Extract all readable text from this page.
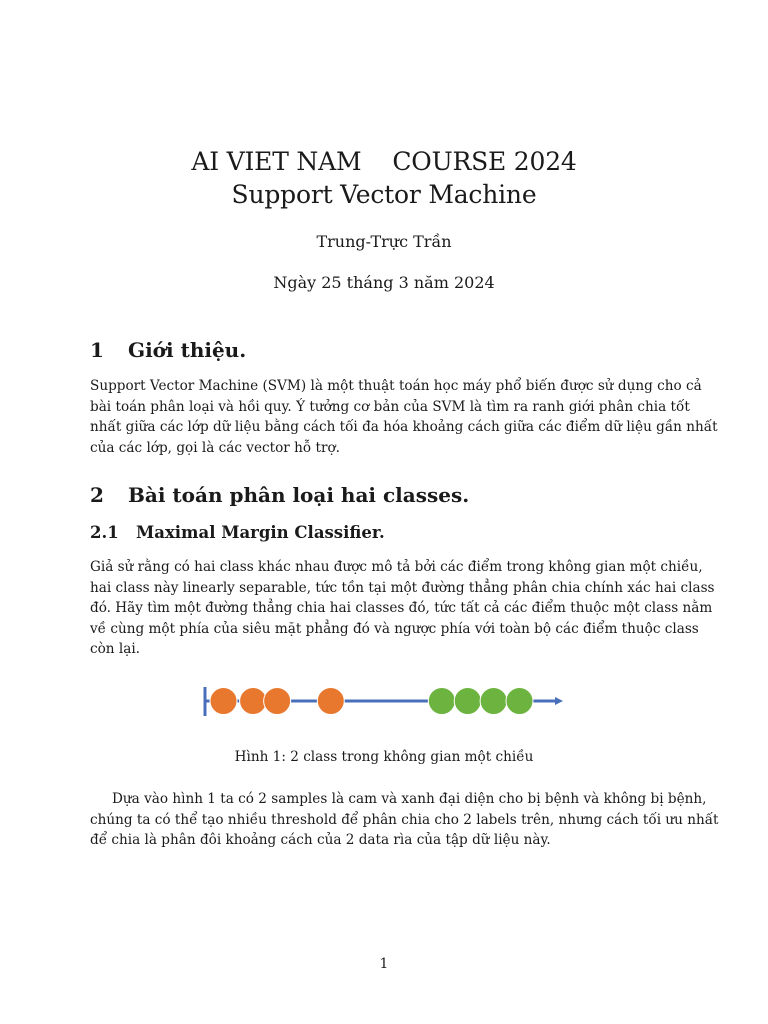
AI VIET NAM    COURSE 2024
Support Vector Machine
Trung-Trực Trần
Ngày 25 tháng 3 năm 2024
1 Giới thiệu.
Support Vector Machine (SVM) là một thuật toán học máy phổ biến được sử dụng cho cả
bài toán phân loại và hồi quy. Ý tưởng cơ bản của SVM là tìm ra ranh giới phân chia tốt
nhất giữa các lớp dữ liệu bằng cách tối đa hóa khoảng cách giữa các điểm dữ liệu gần nhất
của các lớp, gọi là các vector hỗ trợ.
2 Bài toán phân loại hai classes.
2.1 Maximal Margin Classifier.
Giả sử rằng có hai class khác nhau được mô tả bởi các điểm trong không gian một chiều,
hai class này linearly separable, tức tồn tại một đường thẳng phân chia chính xác hai class
đó. Hãy tìm một đường thẳng chia hai classes đó, tức tất cả các điểm thuộc một class nằm
về cùng một phía của siêu mặt phẳng đó và ngược phía với toàn bộ các điểm thuộc class
còn lại.
Hình 1: 2 class trong không gian một chiều
Dựa vào hình 1 ta có 2 samples là cam và xanh đại diện cho bị bệnh và không bị bệnh,
chúng ta có thể tạo nhiều threshold để phân chia cho 2 labels trên, nhưng cách tối ưu nhất
để chia là phân đôi khoảng cách của 2 data rìa của tập dữ liệu này.
1
